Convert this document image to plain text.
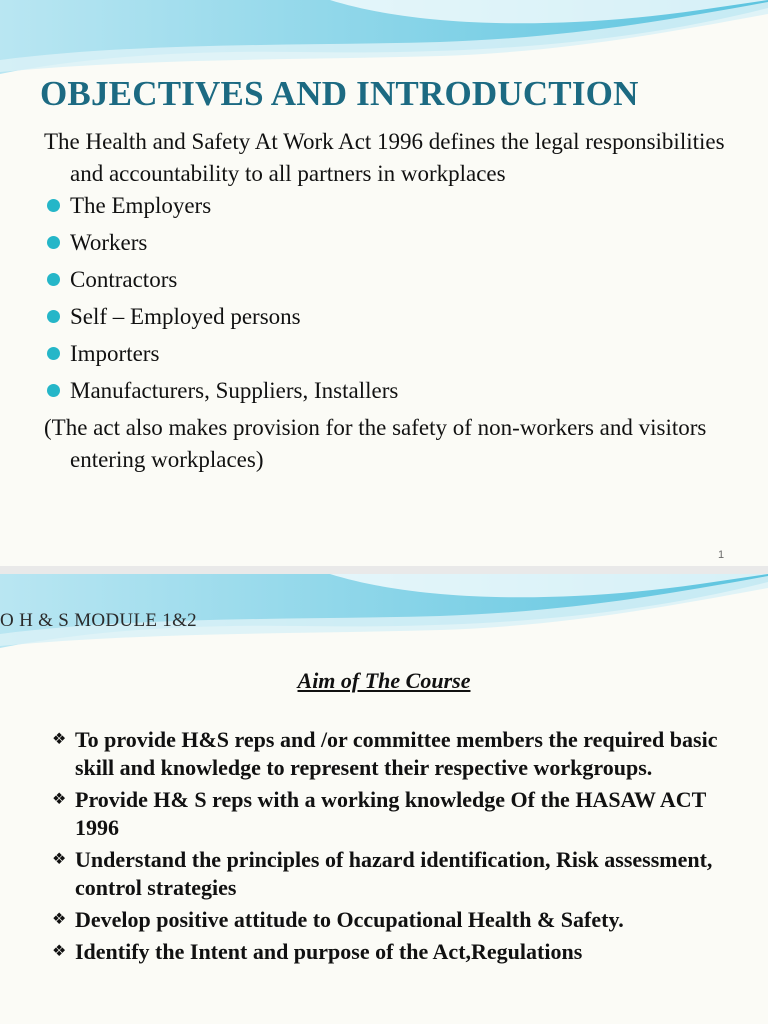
OBJECTIVES AND INTRODUCTION

The Health and Safety At Work Act 1996 defines the legal responsibilities and accountability to all partners in workplaces

The Employers
Workers
Contractors
Self – Employed persons
Importers
Manufacturers, Suppliers, Installers

(The act also makes provision for the safety of non-workers and visitors entering workplaces)

1
O H & S MODULE 1&2
Aim of The Course
❖ To provide H&S reps and /or committee members the required basic skill and knowledge to represent their respective workgroups.
❖ Provide H& S reps with a working knowledge Of the HASAW ACT 1996
❖ Understand the principles of hazard identification, Risk assessment, control strategies
❖ Develop positive attitude to Occupational Health & Safety.
❖ Identify the Intent and purpose of the Act,Regulations
